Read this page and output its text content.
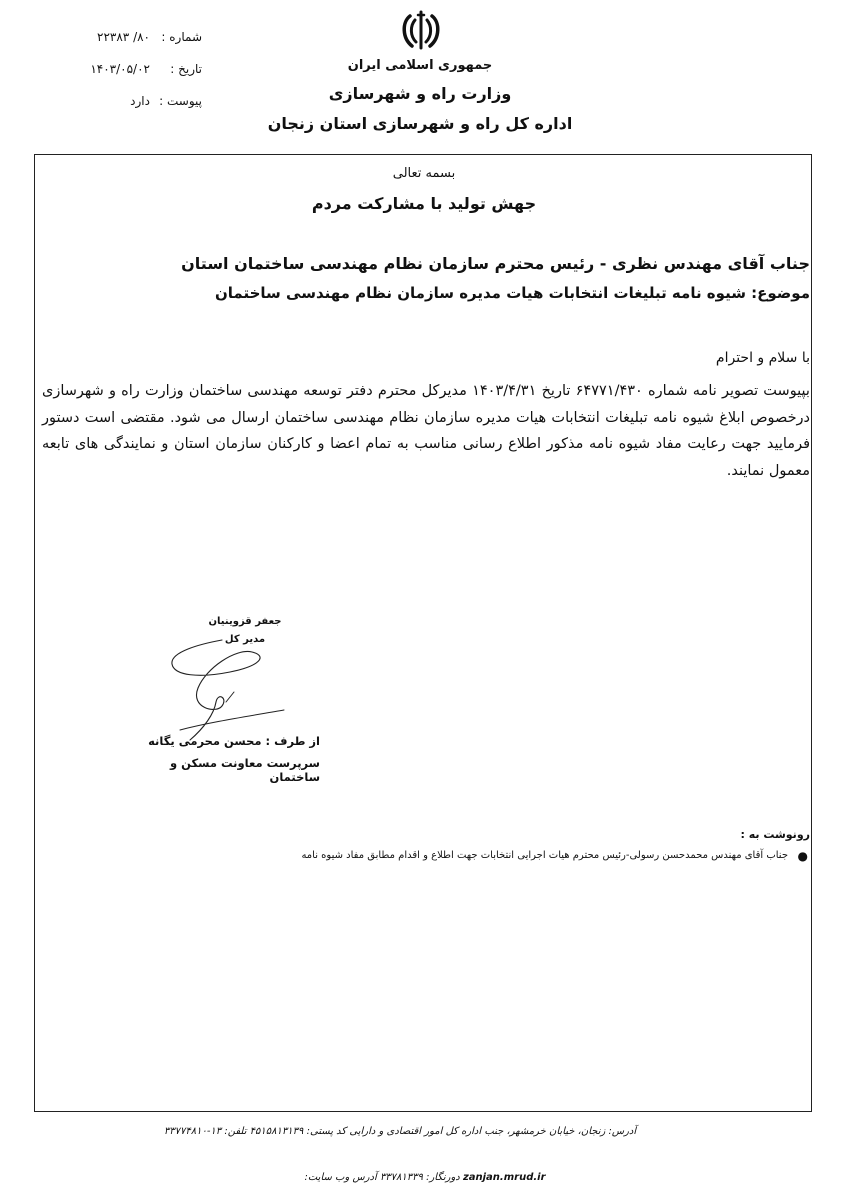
شماره :
۸۰/ ۲۲۳۸۳
تاریخ :
۱۴۰۳/۰۵/۰۲
پیوست :
دارد
جمهوری اسلامی ایران
وزارت راه و شهرسازی
اداره کل راه و شهرسازی استان زنجان
بسمه تعالی
جهش تولید با مشارکت مردم
جناب آقای مهندس نظری - رئیس محترم سازمان نظام مهندسی ساختمان استان
موضوع: شیوه نامه تبلیغات انتخابات هیات مدیره سازمان نظام مهندسی ساختمان
با سلام و احترام
بپیوست تصویر نامه شماره ۶۴۷۷۱/۴۳۰ تاریخ ۱۴۰۳/۴/۳۱ مدیرکل محترم دفتر توسعه مهندسی ساختمان وزارت راه و شهرسازی درخصوص ابلاغ شیوه نامه تبلیغات انتخابات هیات مدیره سازمان نظام مهندسی ساختمان ارسال می شود. مقتضی است دستور فرمایید جهت رعایت مفاد شیوه نامه مذکور اطلاع رسانی مناسب به تمام اعضا و کارکنان سازمان استان و نمایندگی های تابعه معمول نمایند.
جعفر قزوینیان
مدیر کل
از طرف : محسن محرمی یگانه
سرپرست معاونت مسکن و ساختمان
رونوشت به :
●
جناب آقای مهندس محمدحسن رسولی-رئیس محترم هیات اجرایی انتخابات جهت اطلاع و اقدام مطابق مفاد شیوه نامه
آدرس: زنجان، خیابان خرمشهر، جنب اداره کل امور اقتصادی و دارایی کد پستی: ۴۵۱۵۸۱۳۱۳۹ تلفن: ۱۳-۳۳۷۷۴۸۱۰
zanjan.mrud.ir دورنگار: ۳۳۷۸۱۳۳۹ آدرس وب سایت:
